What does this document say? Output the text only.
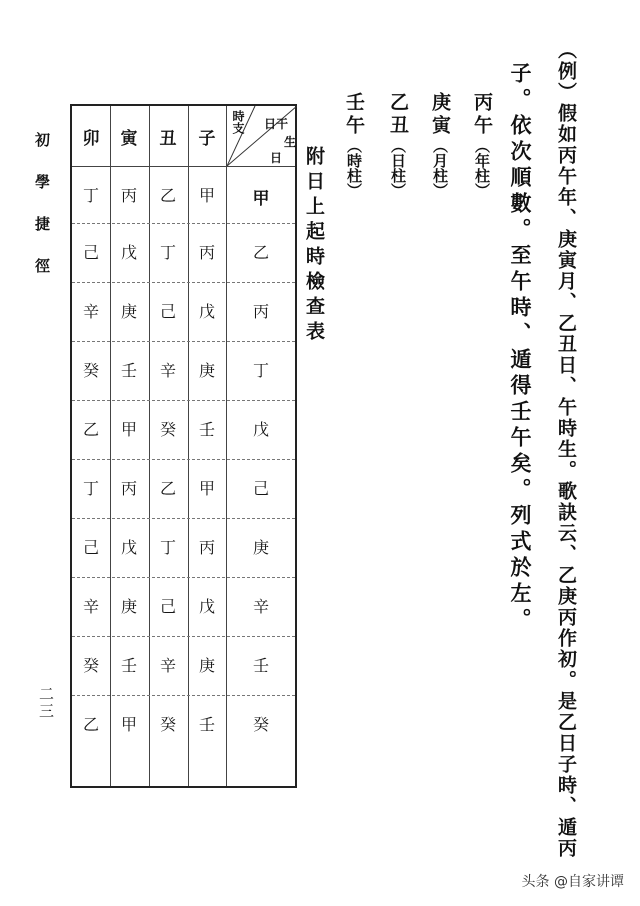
初學捷徑
二三
時支 日干
生
日
甲
乙
丙
丁
戊
己
庚
辛
壬
癸
子
甲
丙
戊
庚
壬
甲
丙
戊
庚
壬
丑
乙
丁
己
辛
癸
乙
丁
己
辛
癸
寅
丙
戊
庚
壬
甲
丙
戊
庚
壬
甲
卯
丁
己
辛
癸
乙
丁
己
辛
癸
乙
附日上起時檢查表
壬午（時柱）
乙丑（日柱）
庚寅（月柱）
丙午（年柱） 子。依次順數。至午時、遁得壬午矣。列式於左。 （例）假如丙午年、庚寅月、乙丑日、午時生。歌訣云、乙庚丙作初。是乙日子時、遁丙
头条 @自家讲谭
